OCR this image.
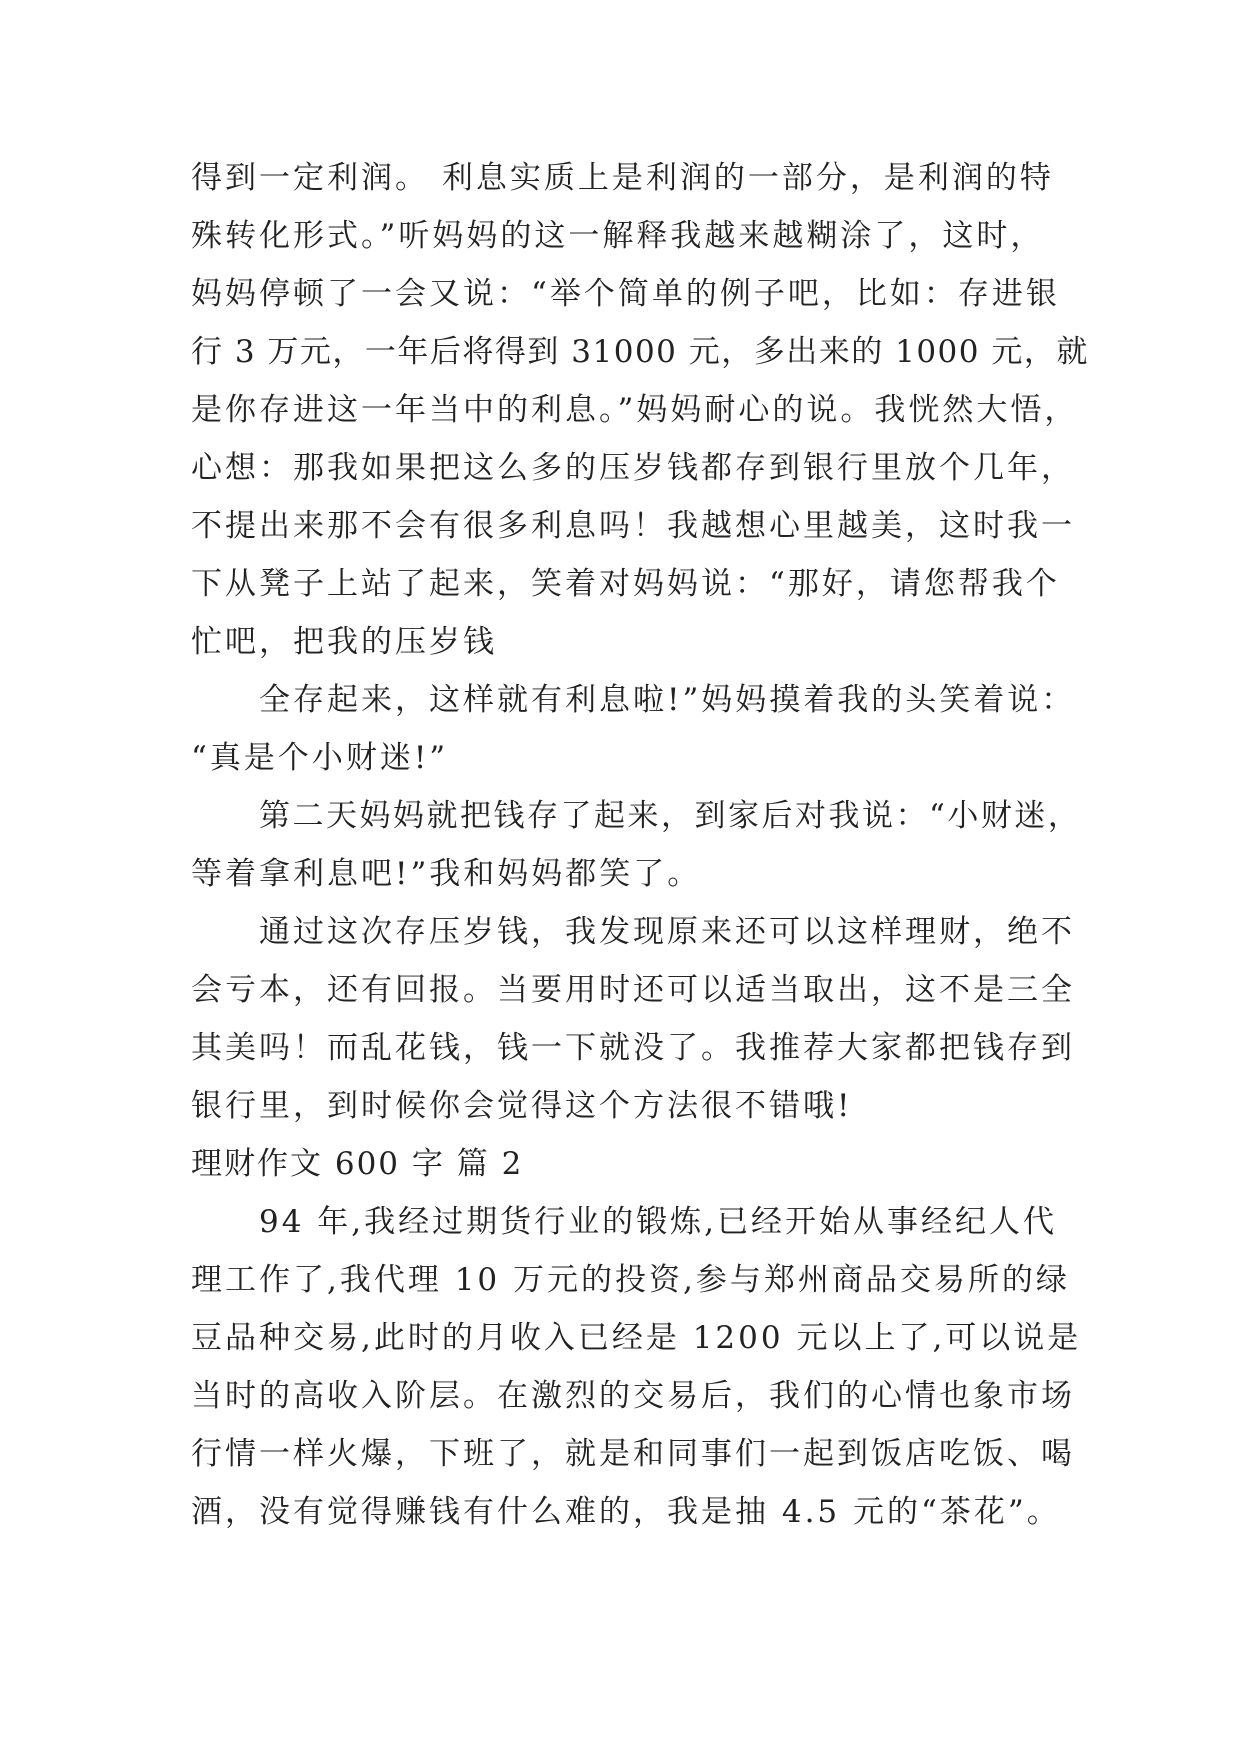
得到一定利润。 利息实质上是利润的一部分，是利润的特
殊转化形式。”听妈妈的这一解释我越来越糊涂了，这时，
妈妈停顿了一会又说：“举个简单的例子吧，比如：存进银
行 3 万元，一年后将得到 31000 元，多出来的 1000 元，就
是你存进这一年当中的利息。”妈妈耐心的说。我恍然大悟，
心想：那我如果把这么多的压岁钱都存到银行里放个几年，
不提出来那不会有很多利息吗！我越想心里越美，这时我一
下从凳子上站了起来，笑着对妈妈说：“那好，请您帮我个
忙吧，把我的压岁钱
全存起来，这样就有利息啦!”妈妈摸着我的头笑着说：
“真是个小财迷!”
第二天妈妈就把钱存了起来，到家后对我说：“小财迷，
等着拿利息吧!”我和妈妈都笑了。
通过这次存压岁钱，我发现原来还可以这样理财，绝不
会亏本，还有回报。当要用时还可以适当取出，这不是三全
其美吗！而乱花钱，钱一下就没了。我推荐大家都把钱存到
银行里，到时候你会觉得这个方法很不错哦!
理财作文 600 字 篇 2
94 年,我经过期货行业的锻炼,已经开始从事经纪人代
理工作了,我代理 10 万元的投资,参与郑州商品交易所的绿
豆品种交易,此时的月收入已经是 1200 元以上了,可以说是
当时的高收入阶层。在激烈的交易后，我们的心情也象市场
行情一样火爆，下班了，就是和同事们一起到饭店吃饭、喝
酒，没有觉得赚钱有什么难的，我是抽 4.5 元的“茶花”。
